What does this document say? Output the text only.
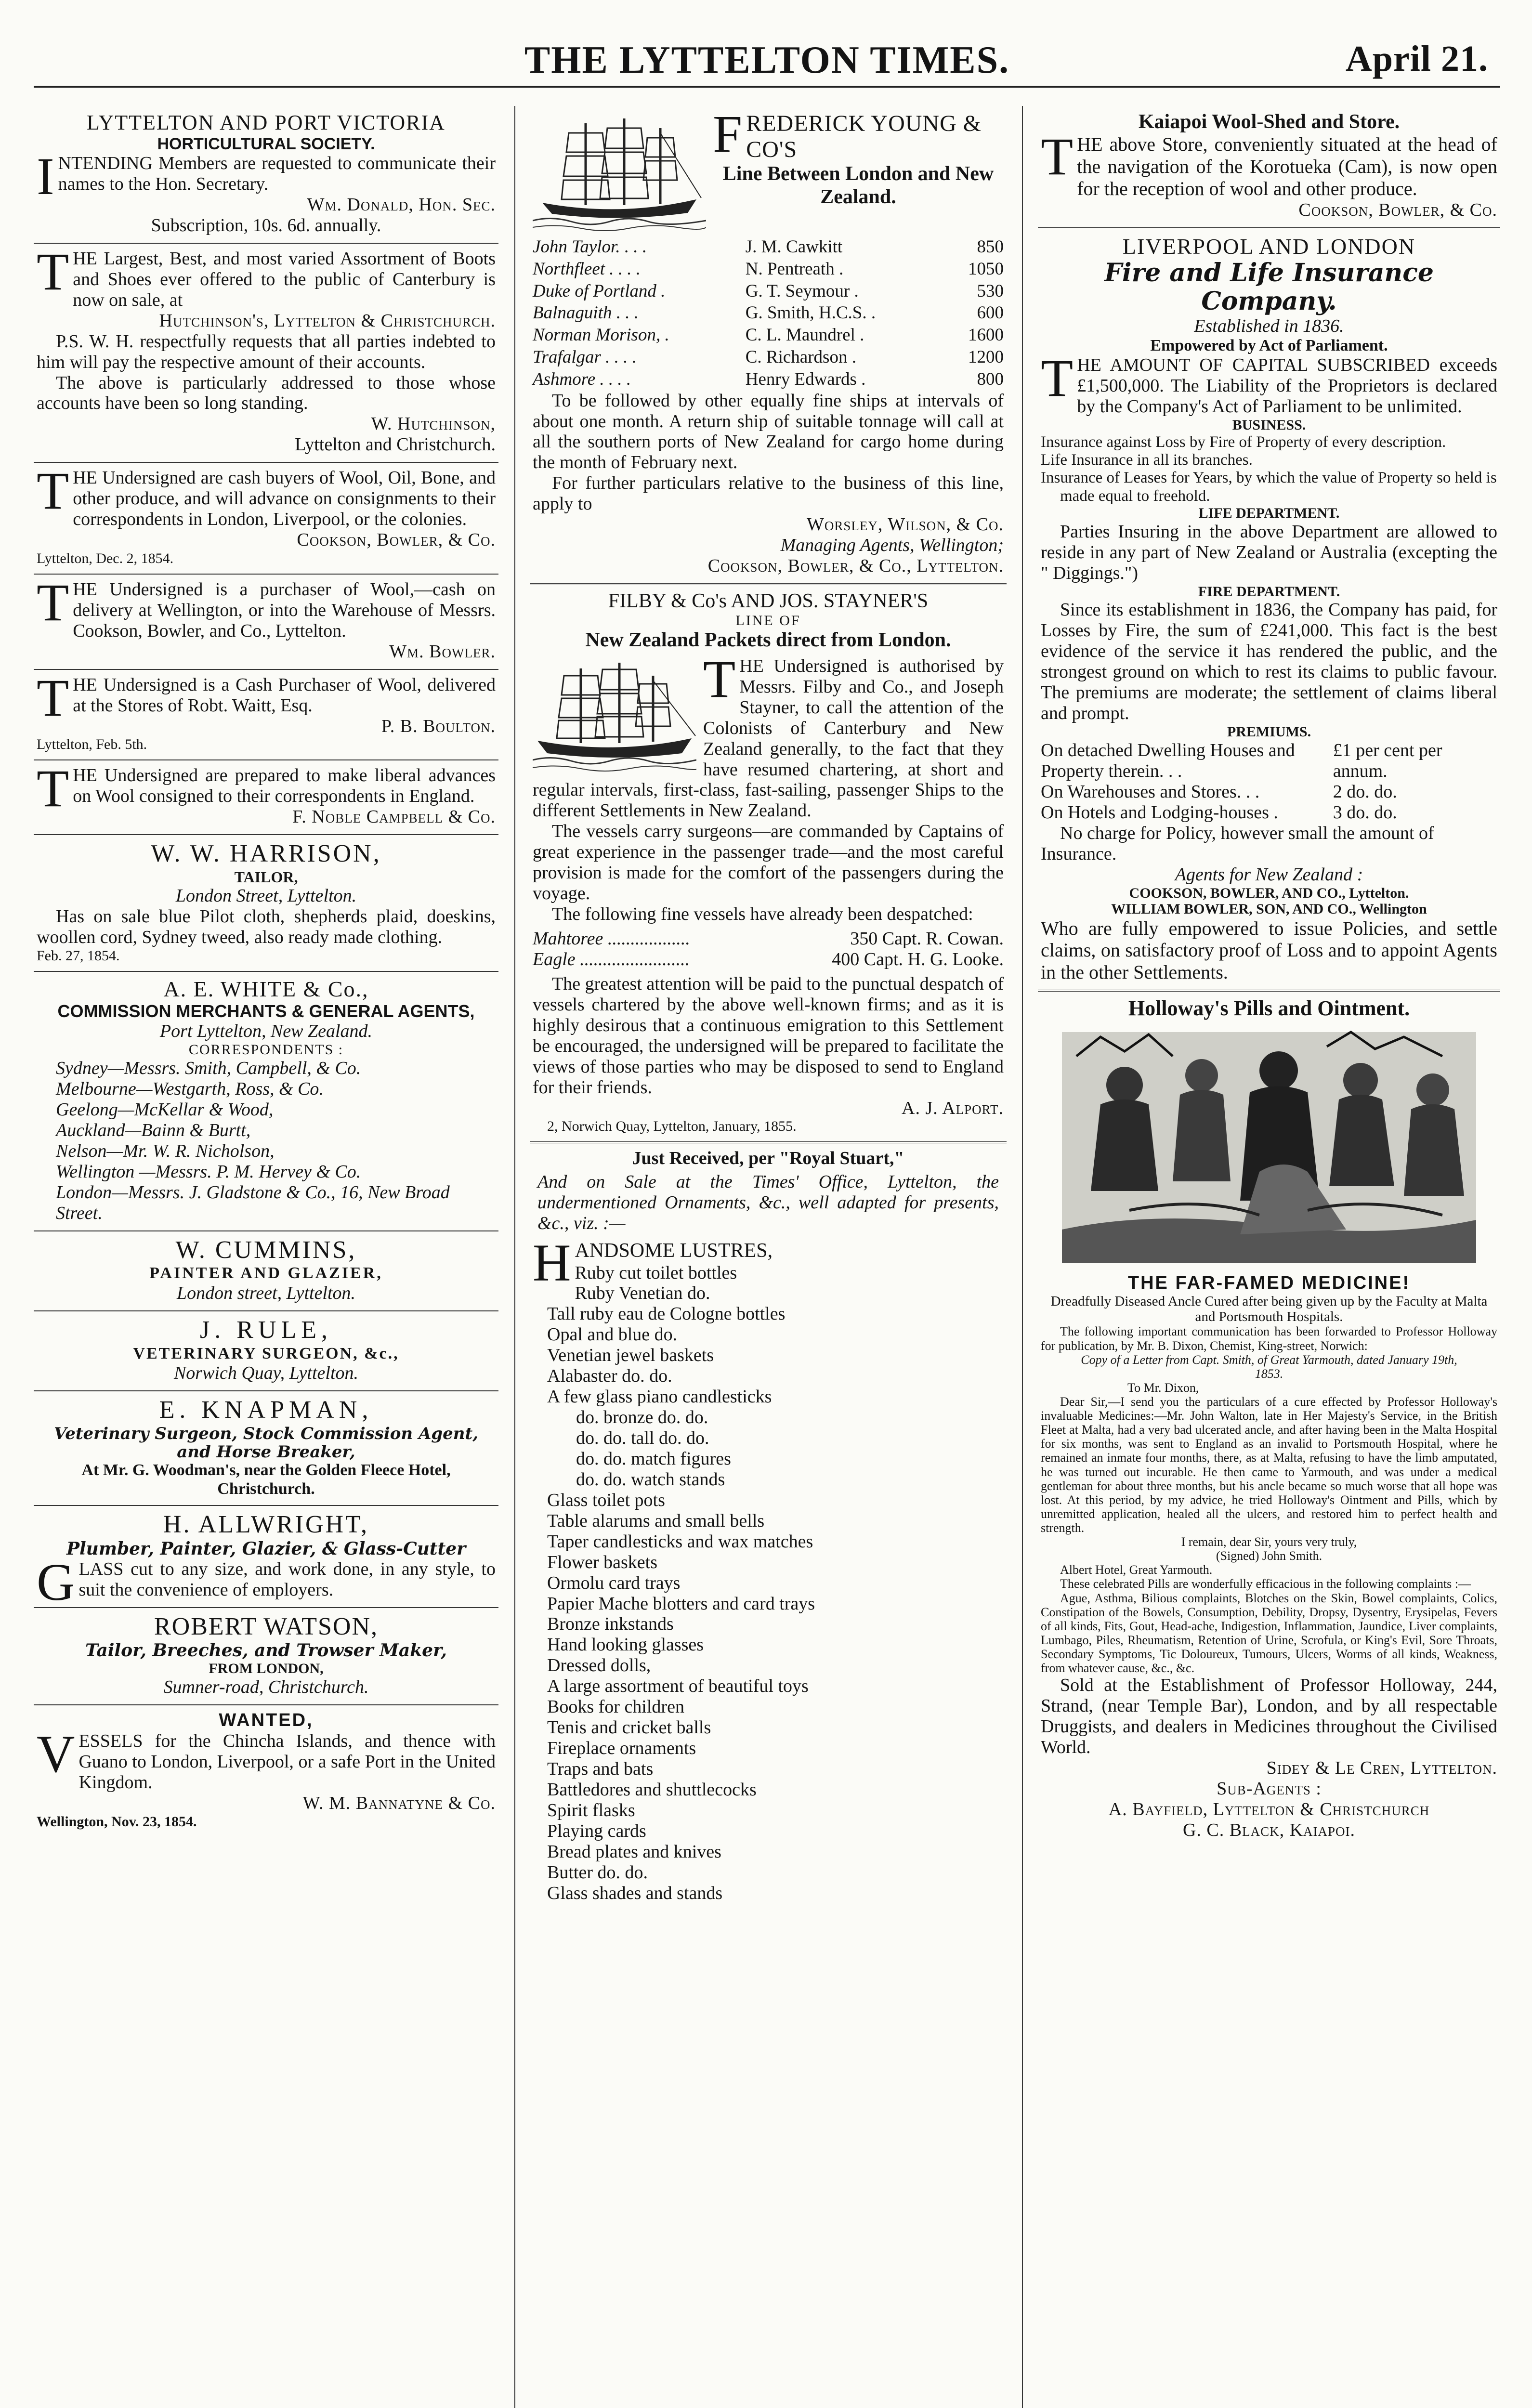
THE LYTTELTON TIMES.	April 21.
LYTTELTON AND PORT VICTORIA
HORTICULTURAL SOCIETY.
INTENDING Members are requested to communicate their names to the Hon. Secretary.
Wm. Donald, Hon. Sec.
Subscription, 10s. 6d. annually.
THE Largest, Best, and most varied Assortment of Boots and Shoes ever offered to the public of Canterbury is now on sale, at
Hutchinson's, Lyttelton & Christchurch.
P.S. W. H. respectfully requests that all parties indebted to him will pay the respective amount of their accounts.
The above is particularly addressed to those whose accounts have been so long standing.
W. Hutchinson,
Lyttelton and Christchurch.
THE Undersigned are cash buyers of Wool, Oil, Bone, and other produce, and will advance on consignments to their correspondents in London, Liverpool, or the colonies.
Cookson, Bowler, & Co.
Lyttelton, Dec. 2, 1854.
THE Undersigned is a purchaser of Wool,—cash on delivery at Wellington, or into the Warehouse of Messrs. Cookson, Bowler, and Co., Lyttelton.
Wm. Bowler.
THE Undersigned is a Cash Purchaser of Wool, delivered at the Stores of Robt. Waitt, Esq.
P. B. Boulton.
Lyttelton, Feb. 5th.
THE Undersigned are prepared to make liberal advances on Wool consigned to their correspondents in England.
F. Noble Campbell & Co.
W. W. HARRISON,
TAILOR,
London Street, Lyttelton.
Has on sale blue Pilot cloth, shepherds plaid, doeskins, woollen cord, Sydney tweed, also ready made clothing.
Feb. 27, 1854.
A. E. WHITE & Co.,
COMMISSION MERCHANTS & GENERAL AGENTS,
Port Lyttelton, New Zealand.
CORRESPONDENTS :
Sydney—Messrs. Smith, Campbell, & Co.
Melbourne—Westgarth, Ross, & Co.
Geelong—McKellar & Wood,
Auckland—Bainn & Burtt,
Nelson—Mr. W. R. Nicholson,
Wellington —Messrs. P. M. Hervey & Co.
London—Messrs. J. Gladstone & Co., 16, New Broad Street.
W. CUMMINS,
PAINTER AND GLAZIER,
London street, Lyttelton.
J. RULE,
VETERINARY SURGEON, &c.,
Norwich Quay, Lyttelton.
E. KNAPMAN,
Veterinary Surgeon, Stock Commission Agent, and Horse Breaker,
At Mr. G. Woodman's, near the Golden Fleece Hotel, Christchurch.
H. ALLWRIGHT,
Plumber, Painter, Glazier, & Glass-Cutter
GLASS cut to any size, and work done, in any style, to suit the convenience of employers.
ROBERT WATSON,
Tailor, Breeches, and Trowser Maker,
FROM LONDON,
Sumner-road, Christchurch.
WANTED,
VESSELS for the Chincha Islands, and thence with Guano to London, Liverpool, or a safe Port in the United Kingdom.
W. M. Bannatyne & Co.
Wellington, Nov. 23, 1854.
FREDERICK YOUNG & CO'S
Line Between London and New Zealand.
John Taylor. . . .	J. M. Cawkitt	850
Northfleet . . . .	N. Pentreath .	1050
Duke of Portland .	G. T. Seymour .	530
Balnaguith . . .	G. Smith, H.C.S. .	600
Norman Morison, .	C. L. Maundrel .	1600
Trafalgar . . . .	C. Richardson .	1200
Ashmore . . . .	Henry Edwards .	800
To be followed by other equally fine ships at intervals of about one month. A return ship of suitable tonnage will call at all the southern ports of New Zealand for cargo home during the month of February next.
For further particulars relative to the business of this line, apply to
Worsley, Wilson, & Co.
Managing Agents, Wellington;
Cookson, Bowler, & Co., Lyttelton.
FILBY & Co's AND JOS. STAYNER'S
LINE OF
New Zealand Packets direct from London.
THE Undersigned is authorised by Messrs. Filby and Co., and Joseph Stayner, to call the attention of the Colonists of Canterbury and New Zealand generally, to the fact that they have resumed chartering, at short and regular intervals, first-class, fast-sailing, passenger Ships to the different Settlements in New Zealand.
The vessels carry surgeons—are commanded by Captains of great experience in the passenger trade—and the most careful provision is made for the comfort of the passengers during the voyage.
The following fine vessels have already been despatched:
Mahtoree ..................	350 Capt. R. Cowan.
Eagle ........................	400 Capt. H. G. Looke.
The greatest attention will be paid to the punctual despatch of vessels chartered by the above well-known firms; and as it is highly desirous that a continuous emigration to this Settlement be encouraged, the undersigned will be prepared to facilitate the views of those parties who may be disposed to send to England for their friends.
A. J. Alport.
2, Norwich Quay, Lyttelton, January, 1855.
Just Received, per "Royal Stuart,"
And on Sale at the Times' Office, Lyttelton, the undermentioned Ornaments, &c., well adapted for presents, &c., viz. :—
HANDSOME LUSTRES,
Ruby cut toilet bottles
Ruby Venetian do.
Tall ruby eau de Cologne bottles
Opal and blue do.
Venetian jewel baskets
Alabaster do. do.
A few glass piano candlesticks
do. bronze do. do.
do. do. tall do. do.
do. do. match figures
do. do. watch stands
Glass toilet pots
Table alarums and small bells
Taper candlesticks and wax matches
Flower baskets
Ormolu card trays
Papier Mache blotters and card trays
Bronze inkstands
Hand looking glasses
Dressed dolls,
A large assortment of beautiful toys
Books for children
Tenis and cricket balls
Fireplace ornaments
Traps and bats
Battledores and shuttlecocks
Spirit flasks
Playing cards
Bread plates and knives
Butter do. do.
Glass shades and stands
Kaiapoi Wool-Shed and Store.
THE above Store, conveniently situated at the head of the navigation of the Korotueka (Cam), is now open for the reception of wool and other produce.
Cookson, Bowler, & Co.
LIVERPOOL AND LONDON
Fire and Life Insurance Company.
Established in 1836.
Empowered by Act of Parliament.
THE AMOUNT OF CAPITAL SUBSCRIBED exceeds £1,500,000. The Liability of the Proprietors is declared by the Company's Act of Parliament to be unlimited.
BUSINESS.
Insurance against Loss by Fire of Property of every description.
Life Insurance in all its branches.
Insurance of Leases for Years, by which the value of Property so held is made equal to freehold.
LIFE DEPARTMENT.
Parties Insuring in the above Department are allowed to reside in any part of New Zealand or Australia (excepting the " Diggings.")
FIRE DEPARTMENT.
Since its establishment in 1836, the Company has paid, for Losses by Fire, the sum of £241,000. This fact is the best evidence of the service it has rendered the public, and the strongest ground on which to rest its claims to public favour. The premiums are moderate; the settlement of claims liberal and prompt.
PREMIUMS.
On detached Dwelling Houses and Property therein. . .
£1 per cent per annum.
On Warehouses and Stores. . .	2 do. do.
On Hotels and Lodging-houses .	3 do. do.
No charge for Policy, however small the amount of Insurance.
Agents for New Zealand :
COOKSON, BOWLER, AND CO., Lyttelton.
WILLIAM BOWLER, SON, AND CO., Wellington
Who are fully empowered to issue Policies, and settle claims, on satisfactory proof of Loss and to appoint Agents in the other Settlements.
Holloway's Pills and Ointment.
THE FAR-FAMED MEDICINE!
Dreadfully Diseased Ancle Cured after being given up by the Faculty at Malta and Portsmouth Hospitals.
The following important communication has been forwarded to Professor Holloway for publication, by Mr. B. Dixon, Chemist, King-street, Norwich:
Copy of a Letter from Capt. Smith, of Great Yarmouth, dated January 19th, 1853.
To Mr. Dixon,
Dear Sir,—I send you the particulars of a cure effected by Professor Holloway's invaluable Medicines:—Mr. John Walton, late in Her Majesty's Service, in the British Fleet at Malta, had a very bad ulcerated ancle, and after having been in the Malta Hospital for six months, was sent to England as an invalid to Portsmouth Hospital, where he remained an inmate four months, there, as at Malta, refusing to have the limb amputated, he was turned out incurable. He then came to Yarmouth, and was under a medical gentleman for about three months, but his ancle became so much worse that all hope was lost. At this period, by my advice, he tried Holloway's Ointment and Pills, which by unremitted application, healed all the ulcers, and restored him to perfect health and strength.
I remain, dear Sir, yours very truly,
(Signed) John Smith.
Albert Hotel, Great Yarmouth.
These celebrated Pills are wonderfully efficacious in the following complaints :—
Ague, Asthma, Bilious complaints, Blotches on the Skin, Bowel complaints, Colics, Constipation of the Bowels, Consumption, Debility, Dropsy, Dysentry, Erysipelas, Fevers of all kinds, Fits, Gout, Head-ache, Indigestion, Inflammation, Jaundice, Liver complaints, Lumbago, Piles, Rheumatism, Retention of Urine, Scrofula, or King's Evil, Sore Throats, Secondary Symptoms, Tic Doloureux, Tumours, Ulcers, Worms of all kinds, Weakness, from whatever cause, &c., &c.
Sold at the Establishment of Professor Holloway, 244, Strand, (near Temple Bar), London, and by all respectable Druggists, and dealers in Medicines throughout the Civilised World.
Sidey & Le Cren, Lyttelton.
Sub-Agents :
A. Bayfield, Lyttelton & Christchurch
G. C. Black, Kaiapoi.
